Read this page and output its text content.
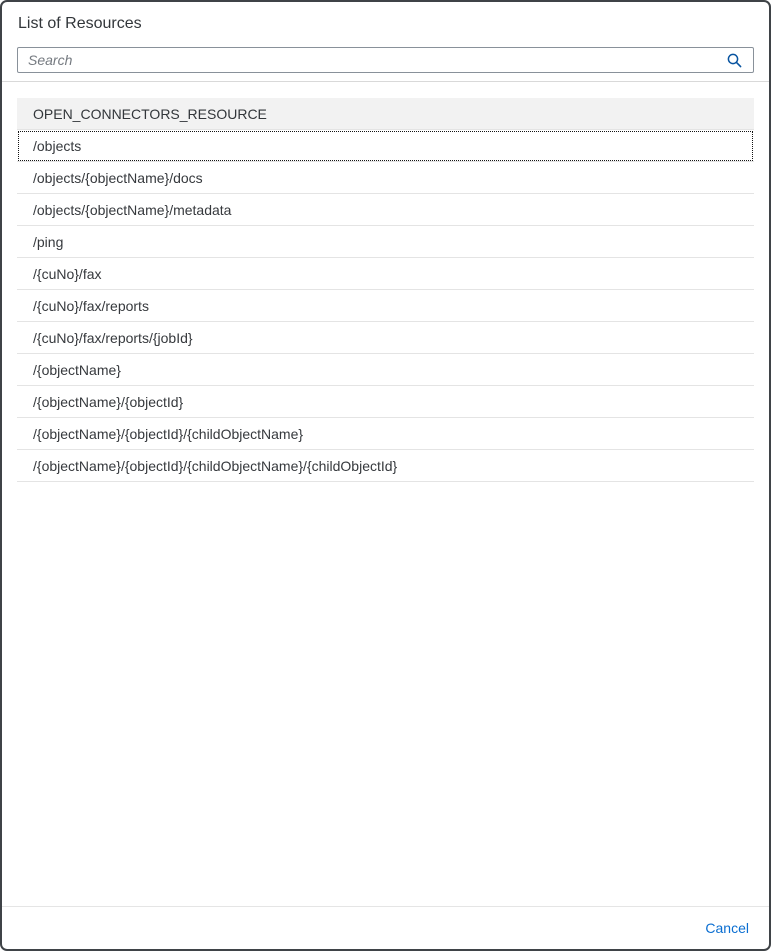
List of Resources
Search
OPEN_CONNECTORS_RESOURCE
/objects
/objects/{objectName}/docs
/objects/{objectName}/metadata
/ping
/{cuNo}/fax
/{cuNo}/fax/reports
/{cuNo}/fax/reports/{jobId}
/{objectName}
/{objectName}/{objectId}
/{objectName}/{objectId}/{childObjectName}
/{objectName}/{objectId}/{childObjectName}/{childObjectId}
Cancel
